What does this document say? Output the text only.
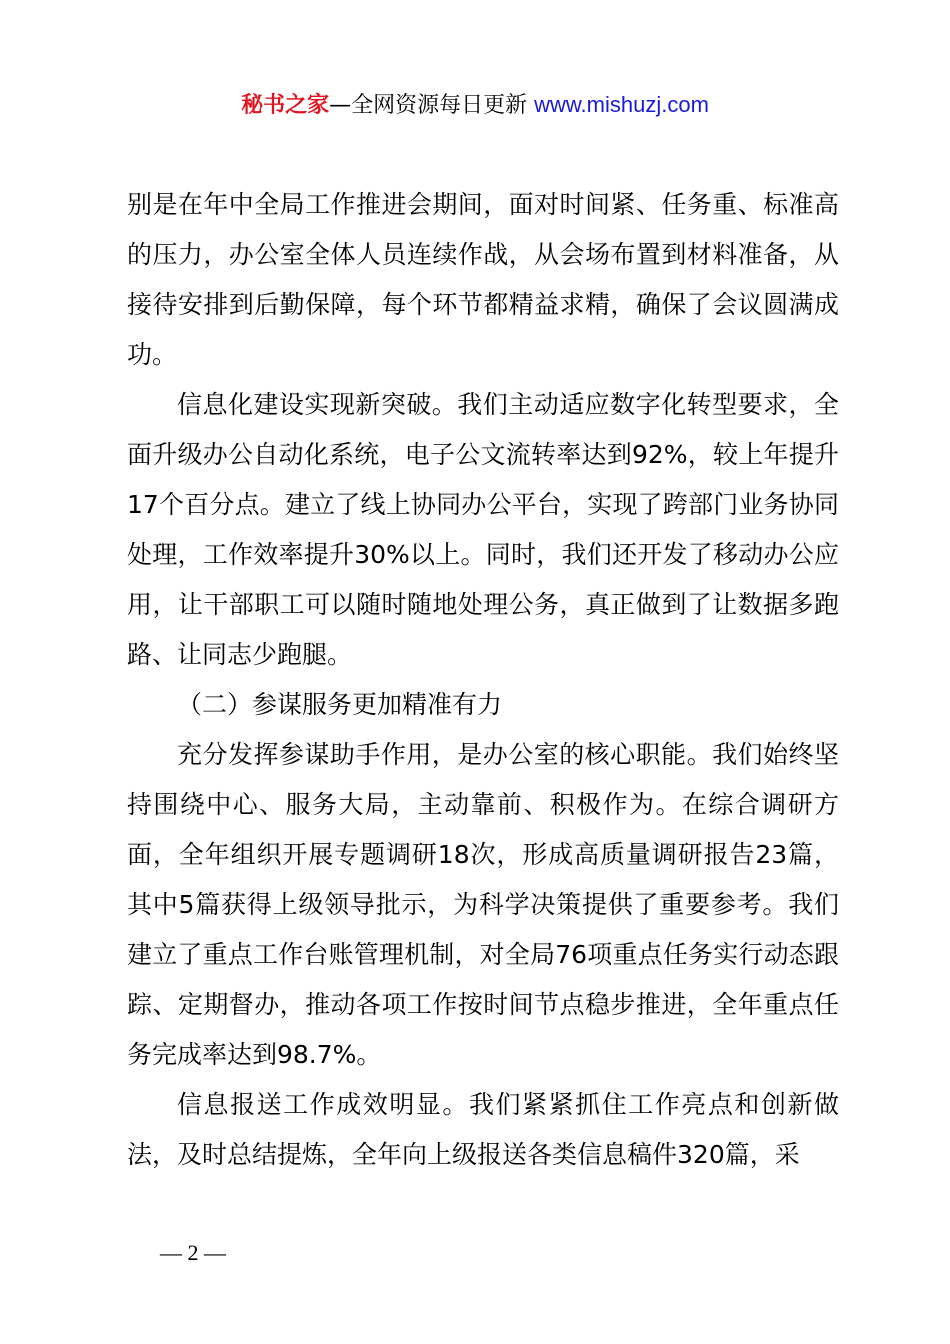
秘书之家—全网资源每日更新 www.mishuzj.com

别是在年中全局工作推进会期间，面对时间紧、任务重、标准高的压力，办公室全体人员连续作战，从会场布置到材料准备，从接待安排到后勤保障，每个环节都精益求精，确保了会议圆满成功。

信息化建设实现新突破。我们主动适应数字化转型要求，全面升级办公自动化系统，电子公文流转率达到92%，较上年提升17个百分点。建立了线上协同办公平台，实现了跨部门业务协同处理，工作效率提升30%以上。同时，我们还开发了移动办公应用，让干部职工可以随时随地处理公务，真正做到了让数据多跑路、让同志少跑腿。

（二）参谋服务更加精准有力

充分发挥参谋助手作用，是办公室的核心职能。我们始终坚持围绕中心、服务大局，主动靠前、积极作为。在综合调研方面，全年组织开展专题调研18次，形成高质量调研报告23篇，其中5篇获得上级领导批示，为科学决策提供了重要参考。我们建立了重点工作台账管理机制，对全局76项重点任务实行动态跟踪、定期督办，推动各项工作按时间节点稳步推进，全年重点任务完成率达到98.7%。

信息报送工作成效明显。我们紧紧抓住工作亮点和创新做法，及时总结提炼，全年向上级报送各类信息稿件320篇，采

— 2 —
